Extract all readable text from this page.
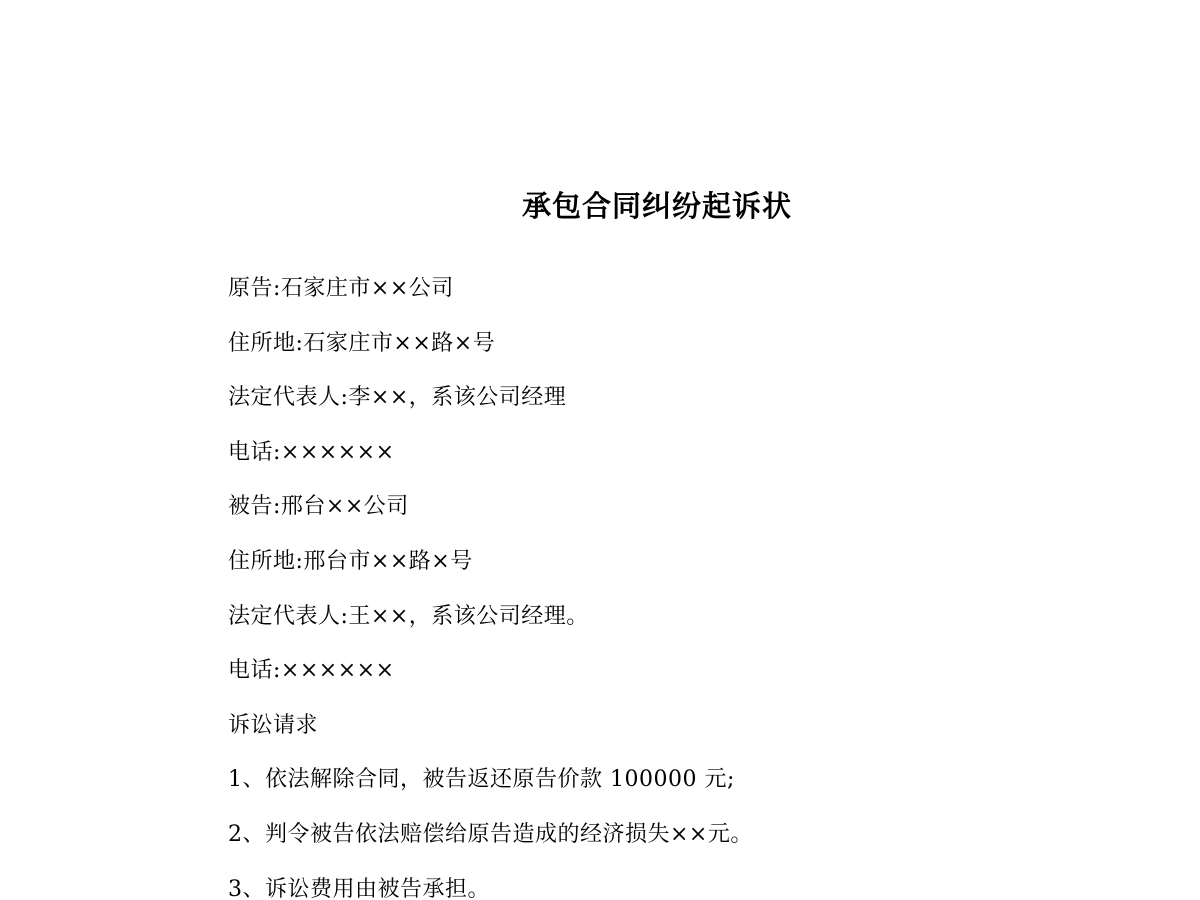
承包合同纠纷起诉状
原告:石家庄市××公司
住所地:石家庄市××路×号
法定代表人:李××，系该公司经理
电话:××××××
被告:邢台××公司
住所地:邢台市××路×号
法定代表人:王××，系该公司经理。
电话:××××××
诉讼请求
1、依法解除合同，被告返还原告价款 100000 元;
2、判令被告依法赔偿给原告造成的经济损失××元。
3、诉讼费用由被告承担。
